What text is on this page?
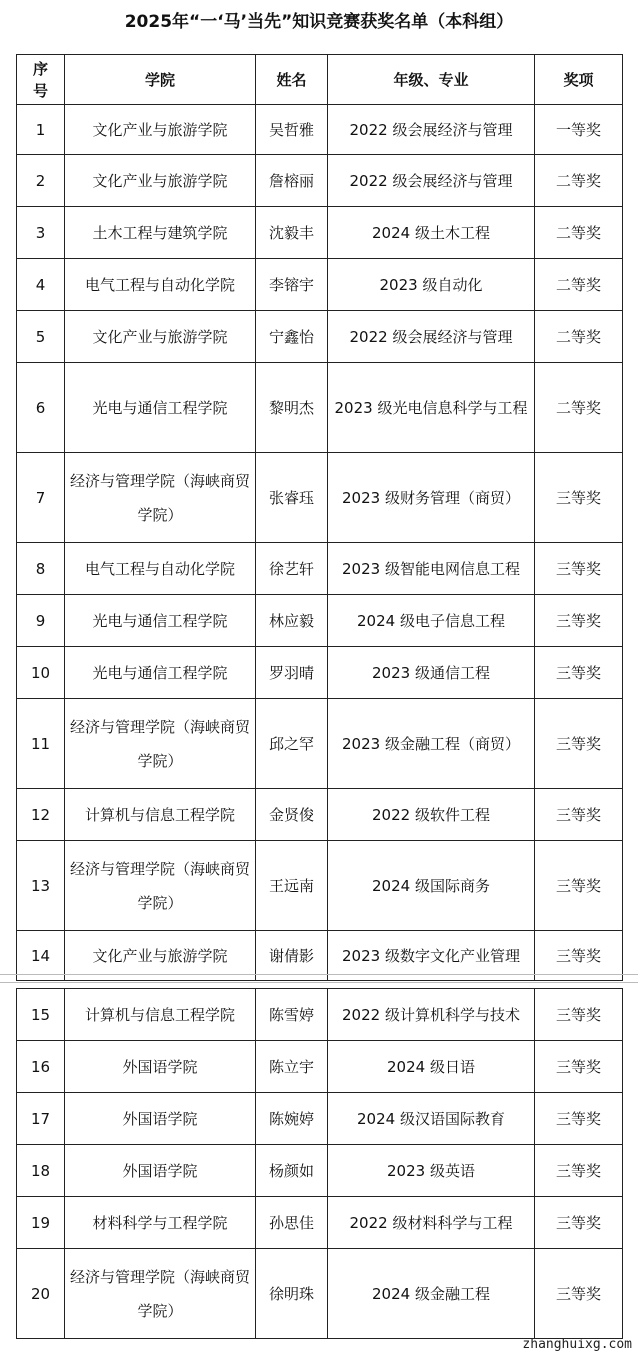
2025年“一‘马’当先”知识竞赛获奖名单（本科组）
序号	学院	姓名	年级、专业	奖项
1	文化产业与旅游学院	吴哲雅	2022 级会展经济与管理	一等奖
2	文化产业与旅游学院	詹榕丽	2022 级会展经济与管理	二等奖
3	土木工程与建筑学院	沈毅丰	2024 级土木工程	二等奖
4	电气工程与自动化学院	李镕宇	2023 级自动化	二等奖
5	文化产业与旅游学院	宁鑫怡	2022 级会展经济与管理	二等奖
6	光电与通信工程学院	黎明杰	2023 级光电信息科学与工程	二等奖
7	经济与管理学院（海峡商贸学院）	张睿珏	2023 级财务管理（商贸）	三等奖
8	电气工程与自动化学院	徐艺轩	2023 级智能电网信息工程	三等奖
9	光电与通信工程学院	林应毅	2024 级电子信息工程	三等奖
10	光电与通信工程学院	罗羽晴	2023 级通信工程	三等奖
11	经济与管理学院（海峡商贸学院）	邱之罕	2023 级金融工程（商贸）	三等奖
12	计算机与信息工程学院	金贤俊	2022 级软件工程	三等奖
13	经济与管理学院（海峡商贸学院）	王远南	2024 级国际商务	三等奖
14	文化产业与旅游学院	谢倩影	2023 级数字文化产业管理	三等奖
15	计算机与信息工程学院	陈雪婷	2022 级计算机科学与技术	三等奖
16	外国语学院	陈立宇	2024 级日语	三等奖
17	外国语学院	陈婉婷	2024 级汉语国际教育	三等奖
18	外国语学院	杨颜如	2023 级英语	三等奖
19	材料科学与工程学院	孙思佳	2022 级材料科学与工程	三等奖
20	经济与管理学院（海峡商贸学院）	徐明珠	2024 级金融工程	三等奖
zhanghuixg.com
